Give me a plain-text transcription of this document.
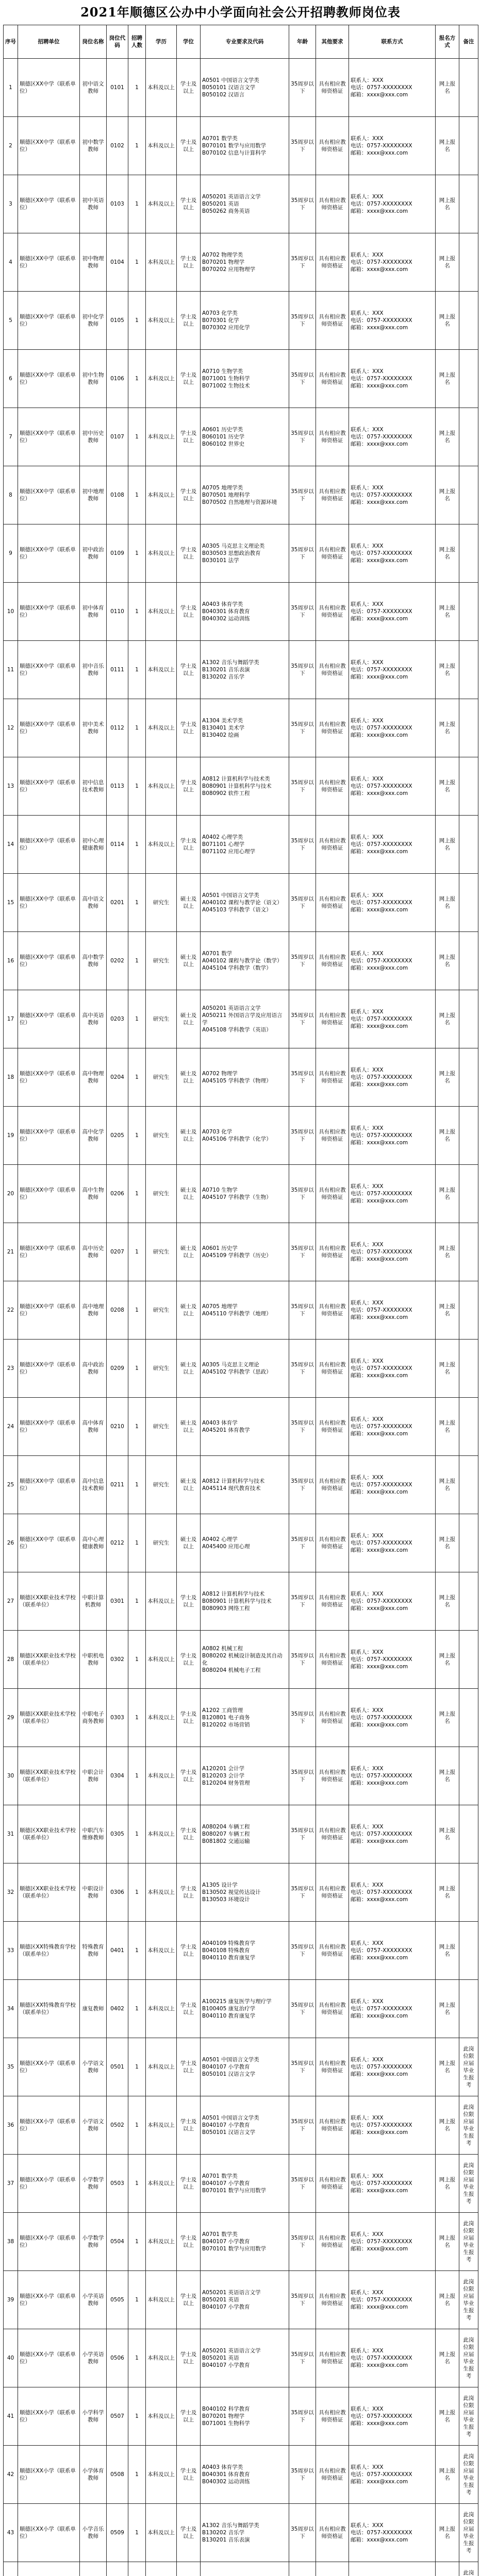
2021年顺德区公办中小学面向社会公开招聘教师岗位表
序号	招聘单位	岗位名称	岗位代码	招聘人数	学历	学位	专业要求及代码	年龄	其他要求	联系方式	报名方式	备注
1	顺德区XX中学（联系单位）	初中语文教师	0101	1	本科及以上	学士及以上	A0501 中国语言文学类
B050101 汉语言文学
B050102 汉语言	35周岁以下	具有相应教师资格证	联系人：XXX
电话：0757-XXXXXXXX
邮箱：xxxx@xxx.com	网上报名	
2	顺德区XX中学（联系单位）	初中数学教师	0102	1	本科及以上	学士及以上	A0701 数学类
B070101 数学与应用数学
B070102 信息与计算科学	35周岁以下	具有相应教师资格证	联系人：XXX
电话：0757-XXXXXXXX
邮箱：xxxx@xxx.com	网上报名	
3	顺德区XX中学（联系单位）	初中英语教师	0103	1	本科及以上	学士及以上	A050201 英语语言文学
B050201 英语
B050262 商务英语	35周岁以下	具有相应教师资格证	联系人：XXX
电话：0757-XXXXXXXX
邮箱：xxxx@xxx.com	网上报名	
4	顺德区XX中学（联系单位）	初中物理教师	0104	1	本科及以上	学士及以上	A0702 物理学类
B070201 物理学
B070202 应用物理学	35周岁以下	具有相应教师资格证	联系人：XXX
电话：0757-XXXXXXXX
邮箱：xxxx@xxx.com	网上报名	
5	顺德区XX中学（联系单位）	初中化学教师	0105	1	本科及以上	学士及以上	A0703 化学类
B070301 化学
B070302 应用化学	35周岁以下	具有相应教师资格证	联系人：XXX
电话：0757-XXXXXXXX
邮箱：xxxx@xxx.com	网上报名	
6	顺德区XX中学（联系单位）	初中生物教师	0106	1	本科及以上	学士及以上	A0710 生物学类
B071001 生物科学
B071002 生物技术	35周岁以下	具有相应教师资格证	联系人：XXX
电话：0757-XXXXXXXX
邮箱：xxxx@xxx.com	网上报名	
7	顺德区XX中学（联系单位）	初中历史教师	0107	1	本科及以上	学士及以上	A0601 历史学类
B060101 历史学
B060102 世界史	35周岁以下	具有相应教师资格证	联系人：XXX
电话：0757-XXXXXXXX
邮箱：xxxx@xxx.com	网上报名	
8	顺德区XX中学（联系单位）	初中地理教师	0108	1	本科及以上	学士及以上	A0705 地理学类
B070501 地理科学
B070502 自然地理与资源环境	35周岁以下	具有相应教师资格证	联系人：XXX
电话：0757-XXXXXXXX
邮箱：xxxx@xxx.com	网上报名	
9	顺德区XX中学（联系单位）	初中政治教师	0109	1	本科及以上	学士及以上	A0305 马克思主义理论类
B030503 思想政治教育
B030101 法学	35周岁以下	具有相应教师资格证	联系人：XXX
电话：0757-XXXXXXXX
邮箱：xxxx@xxx.com	网上报名	
10	顺德区XX中学（联系单位）	初中体育教师	0110	1	本科及以上	学士及以上	A0403 体育学类
B040301 体育教育
B040302 运动训练	35周岁以下	具有相应教师资格证	联系人：XXX
电话：0757-XXXXXXXX
邮箱：xxxx@xxx.com	网上报名	
11	顺德区XX中学（联系单位）	初中音乐教师	0111	1	本科及以上	学士及以上	A1302 音乐与舞蹈学类
B130201 音乐表演
B130202 音乐学	35周岁以下	具有相应教师资格证	联系人：XXX
电话：0757-XXXXXXXX
邮箱：xxxx@xxx.com	网上报名	
12	顺德区XX中学（联系单位）	初中美术教师	0112	1	本科及以上	学士及以上	A1304 美术学类
B130401 美术学
B130402 绘画	35周岁以下	具有相应教师资格证	联系人：XXX
电话：0757-XXXXXXXX
邮箱：xxxx@xxx.com	网上报名	
13	顺德区XX中学（联系单位）	初中信息技术教师	0113	1	本科及以上	学士及以上	A0812 计算机科学与技术类
B080901 计算机科学与技术
B080902 软件工程	35周岁以下	具有相应教师资格证	联系人：XXX
电话：0757-XXXXXXXX
邮箱：xxxx@xxx.com	网上报名	
14	顺德区XX中学（联系单位）	初中心理健康教师	0114	1	本科及以上	学士及以上	A0402 心理学类
B071101 心理学
B071102 应用心理学	35周岁以下	具有相应教师资格证	联系人：XXX
电话：0757-XXXXXXXX
邮箱：xxxx@xxx.com	网上报名	
15	顺德区XX中学（联系单位）	高中语文教师	0201	1	研究生	硕士及以上	A0501 中国语言文学类
A040102 课程与教学论（语文）
A045103 学科教学（语文）	35周岁以下	具有相应教师资格证	联系人：XXX
电话：0757-XXXXXXXX
邮箱：xxxx@xxx.com	网上报名	
16	顺德区XX中学（联系单位）	高中数学教师	0202	1	研究生	硕士及以上	A0701 数学
A040102 课程与教学论（数学）
A045104 学科教学（数学）	35周岁以下	具有相应教师资格证	联系人：XXX
电话：0757-XXXXXXXX
邮箱：xxxx@xxx.com	网上报名	
17	顺德区XX中学（联系单位）	高中英语教师	0203	1	研究生	硕士及以上	A050201 英语语言文学
A050211 外国语言学及应用语言学
A045108 学科教学（英语）	35周岁以下	具有相应教师资格证	联系人：XXX
电话：0757-XXXXXXXX
邮箱：xxxx@xxx.com	网上报名	
18	顺德区XX中学（联系单位）	高中物理教师	0204	1	研究生	硕士及以上	A0702 物理学
A045105 学科教学（物理）	35周岁以下	具有相应教师资格证	联系人：XXX
电话：0757-XXXXXXXX
邮箱：xxxx@xxx.com	网上报名	
19	顺德区XX中学（联系单位）	高中化学教师	0205	1	研究生	硕士及以上	A0703 化学
A045106 学科教学（化学）	35周岁以下	具有相应教师资格证	联系人：XXX
电话：0757-XXXXXXXX
邮箱：xxxx@xxx.com	网上报名	
20	顺德区XX中学（联系单位）	高中生物教师	0206	1	研究生	硕士及以上	A0710 生物学
A045107 学科教学（生物）	35周岁以下	具有相应教师资格证	联系人：XXX
电话：0757-XXXXXXXX
邮箱：xxxx@xxx.com	网上报名	
21	顺德区XX中学（联系单位）	高中历史教师	0207	1	研究生	硕士及以上	A0601 历史学
A045109 学科教学（历史）	35周岁以下	具有相应教师资格证	联系人：XXX
电话：0757-XXXXXXXX
邮箱：xxxx@xxx.com	网上报名	
22	顺德区XX中学（联系单位）	高中地理教师	0208	1	研究生	硕士及以上	A0705 地理学
A045110 学科教学（地理）	35周岁以下	具有相应教师资格证	联系人：XXX
电话：0757-XXXXXXXX
邮箱：xxxx@xxx.com	网上报名	
23	顺德区XX中学（联系单位）	高中政治教师	0209	1	研究生	硕士及以上	A0305 马克思主义理论
A045102 学科教学（思政）	35周岁以下	具有相应教师资格证	联系人：XXX
电话：0757-XXXXXXXX
邮箱：xxxx@xxx.com	网上报名	
24	顺德区XX中学（联系单位）	高中体育教师	0210	1	研究生	硕士及以上	A0403 体育学
A045201 体育教学	35周岁以下	具有相应教师资格证	联系人：XXX
电话：0757-XXXXXXXX
邮箱：xxxx@xxx.com	网上报名	
25	顺德区XX中学（联系单位）	高中信息技术教师	0211	1	研究生	硕士及以上	A0812 计算机科学与技术
A045114 现代教育技术	35周岁以下	具有相应教师资格证	联系人：XXX
电话：0757-XXXXXXXX
邮箱：xxxx@xxx.com	网上报名	
26	顺德区XX中学（联系单位）	高中心理健康教师	0212	1	研究生	硕士及以上	A0402 心理学
A045400 应用心理	35周岁以下	具有相应教师资格证	联系人：XXX
电话：0757-XXXXXXXX
邮箱：xxxx@xxx.com	网上报名	
27	顺德区XX职业技术学校（联系单位）	中职计算机教师	0301	1	本科及以上	学士及以上	A0812 计算机科学与技术
B080901 计算机科学与技术
B080903 网络工程	35周岁以下	具有相应教师资格证	联系人：XXX
电话：0757-XXXXXXXX
邮箱：xxxx@xxx.com	网上报名	
28	顺德区XX职业技术学校（联系单位）	中职机电教师	0302	1	本科及以上	学士及以上	A0802 机械工程
B080202 机械设计制造及其自动化
B080204 机械电子工程	35周岁以下	具有相应教师资格证	联系人：XXX
电话：0757-XXXXXXXX
邮箱：xxxx@xxx.com	网上报名	
29	顺德区XX职业技术学校（联系单位）	中职电子商务教师	0303	1	本科及以上	学士及以上	A1202 工商管理
B120801 电子商务
B120202 市场营销	35周岁以下	具有相应教师资格证	联系人：XXX
电话：0757-XXXXXXXX
邮箱：xxxx@xxx.com	网上报名	
30	顺德区XX职业技术学校（联系单位）	中职会计教师	0304	1	本科及以上	学士及以上	A120201 会计学
B120203 会计学
B120204 财务管理	35周岁以下	具有相应教师资格证	联系人：XXX
电话：0757-XXXXXXXX
邮箱：xxxx@xxx.com	网上报名	
31	顺德区XX职业技术学校（联系单位）	中职汽车维修教师	0305	1	本科及以上	学士及以上	A080204 车辆工程
B080207 车辆工程
B081802 交通运输	35周岁以下	具有相应教师资格证	联系人：XXX
电话：0757-XXXXXXXX
邮箱：xxxx@xxx.com	网上报名	
32	顺德区XX职业技术学校（联系单位）	中职设计教师	0306	1	本科及以上	学士及以上	A1305 设计学
B130502 视觉传达设计
B130503 环境设计	35周岁以下	具有相应教师资格证	联系人：XXX
电话：0757-XXXXXXXX
邮箱：xxxx@xxx.com	网上报名	
33	顺德区XX特殊教育学校（联系单位）	特殊教育教师	0401	1	本科及以上	学士及以上	A040109 特殊教育学
B040108 特殊教育
B040110 教育康复学	35周岁以下	具有相应教师资格证	联系人：XXX
电话：0757-XXXXXXXX
邮箱：xxxx@xxx.com	网上报名	
34	顺德区XX特殊教育学校（联系单位）	康复教师	0402	1	本科及以上	学士及以上	A100215 康复医学与理疗学
B100405 康复治疗学
B040110 教育康复学	35周岁以下	具有相应教师资格证	联系人：XXX
电话：0757-XXXXXXXX
邮箱：xxxx@xxx.com	网上报名	
35	顺德区XX小学（联系单位）	小学语文教师	0501	1	本科及以上	学士及以上	A0501 中国语言文学类
B040107 小学教育
B050101 汉语言文学	35周岁以下	具有相应教师资格证	联系人：XXX
电话：0757-XXXXXXXX
邮箱：xxxx@xxx.com	网上报名	此岗位限应届毕业生报考
36	顺德区XX小学（联系单位）	小学语文教师	0502	1	本科及以上	学士及以上	A0501 中国语言文学类
B040107 小学教育
B050101 汉语言文学	35周岁以下	具有相应教师资格证	联系人：XXX
电话：0757-XXXXXXXX
邮箱：xxxx@xxx.com	网上报名	此岗位限应届毕业生报考
37	顺德区XX小学（联系单位）	小学数学教师	0503	1	本科及以上	学士及以上	A0701 数学类
B040107 小学教育
B070101 数学与应用数学	35周岁以下	具有相应教师资格证	联系人：XXX
电话：0757-XXXXXXXX
邮箱：xxxx@xxx.com	网上报名	此岗位限应届毕业生报考
38	顺德区XX小学（联系单位）	小学数学教师	0504	1	本科及以上	学士及以上	A0701 数学类
B040107 小学教育
B070101 数学与应用数学	35周岁以下	具有相应教师资格证	联系人：XXX
电话：0757-XXXXXXXX
邮箱：xxxx@xxx.com	网上报名	此岗位限应届毕业生报考
39	顺德区XX小学（联系单位）	小学英语教师	0505	1	本科及以上	学士及以上	A050201 英语语言文学
B050201 英语
B040107 小学教育	35周岁以下	具有相应教师资格证	联系人：XXX
电话：0757-XXXXXXXX
邮箱：xxxx@xxx.com	网上报名	此岗位限应届毕业生报考
40	顺德区XX小学（联系单位）	小学英语教师	0506	1	本科及以上	学士及以上	A050201 英语语言文学
B050201 英语
B040107 小学教育	35周岁以下	具有相应教师资格证	联系人：XXX
电话：0757-XXXXXXXX
邮箱：xxxx@xxx.com	网上报名	此岗位限应届毕业生报考
41	顺德区XX小学（联系单位）	小学科学教师	0507	1	本科及以上	学士及以上	B040102 科学教育
B070201 物理学
B071001 生物科学	35周岁以下	具有相应教师资格证	联系人：XXX
电话：0757-XXXXXXXX
邮箱：xxxx@xxx.com	网上报名	此岗位限应届毕业生报考
42	顺德区XX小学（联系单位）	小学体育教师	0508	1	本科及以上	学士及以上	A0403 体育学类
B040301 体育教育
B040302 运动训练	35周岁以下	具有相应教师资格证	联系人：XXX
电话：0757-XXXXXXXX
邮箱：xxxx@xxx.com	网上报名	此岗位限应届毕业生报考
43	顺德区XX小学（联系单位）	小学音乐教师	0509	1	本科及以上	学士及以上	A1302 音乐与舞蹈学类
B130202 音乐学
B130201 音乐表演	35周岁以下	具有相应教师资格证	联系人：XXX
电话：0757-XXXXXXXX
邮箱：xxxx@xxx.com	网上报名	此岗位限应届毕业生报考
												此岗
